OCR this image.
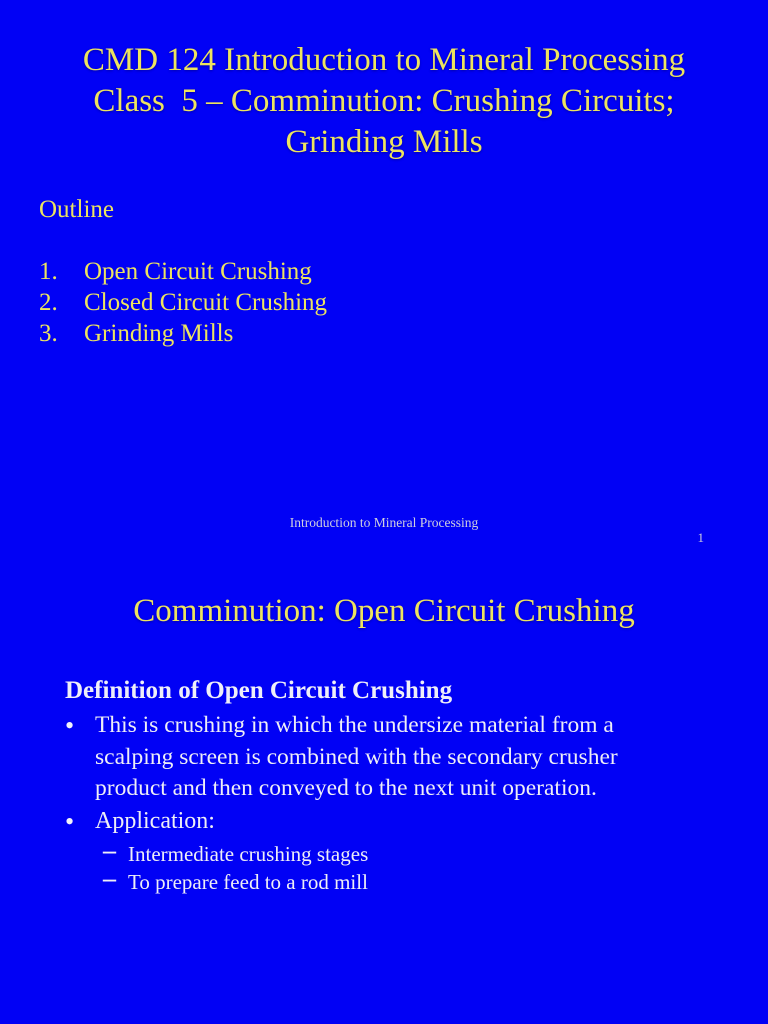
CMD 124 Introduction to Mineral Processing
Class  5 – Comminution: Crushing Circuits;
Grinding Mills
Outline
1.	Open Circuit Crushing
2.	Closed Circuit Crushing
3.	Grinding Mills
Introduction to Mineral Processing
1
Comminution: Open Circuit Crushing
Definition of Open Circuit Crushing
• This is crushing in which the undersize material from a scalping screen is combined with the secondary crusher product and then conveyed to the next unit operation.
• Application:
– Intermediate crushing stages
– To prepare feed to a rod mill
